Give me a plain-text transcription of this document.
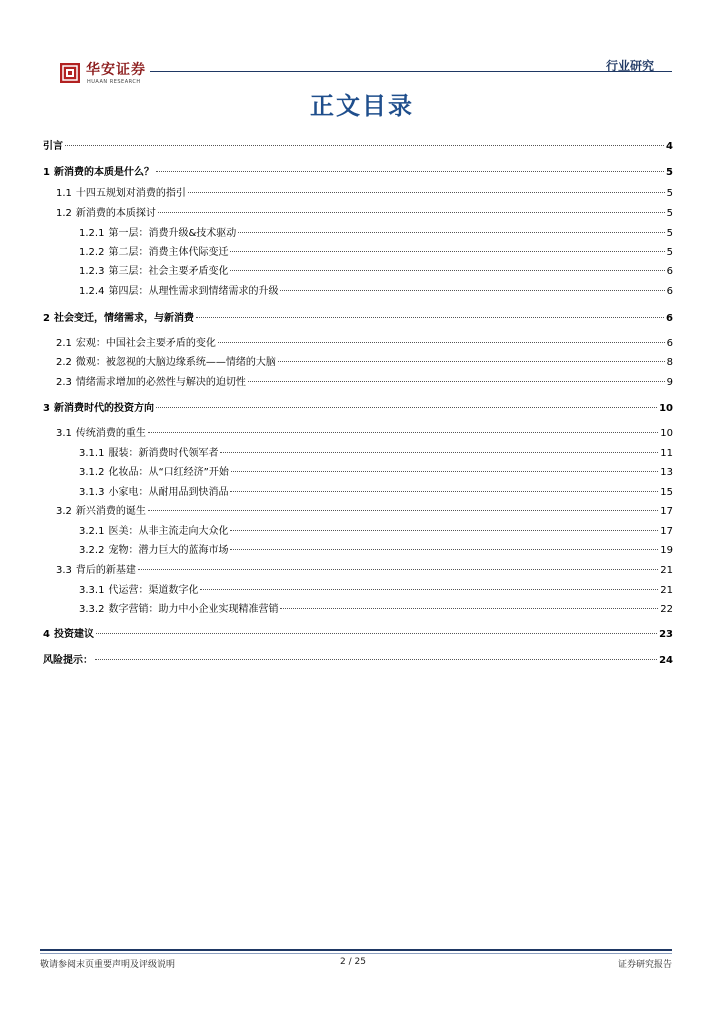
华安证券
HUAAN RESEARCH
行业研究
正文目录
引言	4
1 新消费的本质是什么？	5
1.1 十四五规划对消费的指引	5
1.2 新消费的本质探讨	5
1.2.1 第一层：消费升级&技术驱动	5
1.2.2 第二层：消费主体代际变迁	5
1.2.3 第三层：社会主要矛盾变化	6
1.2.4 第四层：从理性需求到情绪需求的升级	6
2 社会变迁，情绪需求，与新消费	6
2.1 宏观：中国社会主要矛盾的变化	6
2.2 微观：被忽视的大脑边缘系统——情绪的大脑	8
2.3 情绪需求增加的必然性与解决的迫切性	9
3 新消费时代的投资方向	10
3.1 传统消费的重生	10
3.1.1 服装：新消费时代领军者	11
3.1.2 化妆品：从“口红经济”开始	13
3.1.3 小家电：从耐用品到快消品	15
3.2 新兴消费的诞生	17
3.2.1 医美：从非主流走向大众化	17
3.2.2 宠物：潜力巨大的蓝海市场	19
3.3 背后的新基建	21
3.3.1 代运营：渠道数字化	21
3.3.2 数字营销：助力中小企业实现精准营销	22
4 投资建议	23
风险提示：	24
敬请参阅末页重要声明及评级说明	2 / 25	证券研究报告
